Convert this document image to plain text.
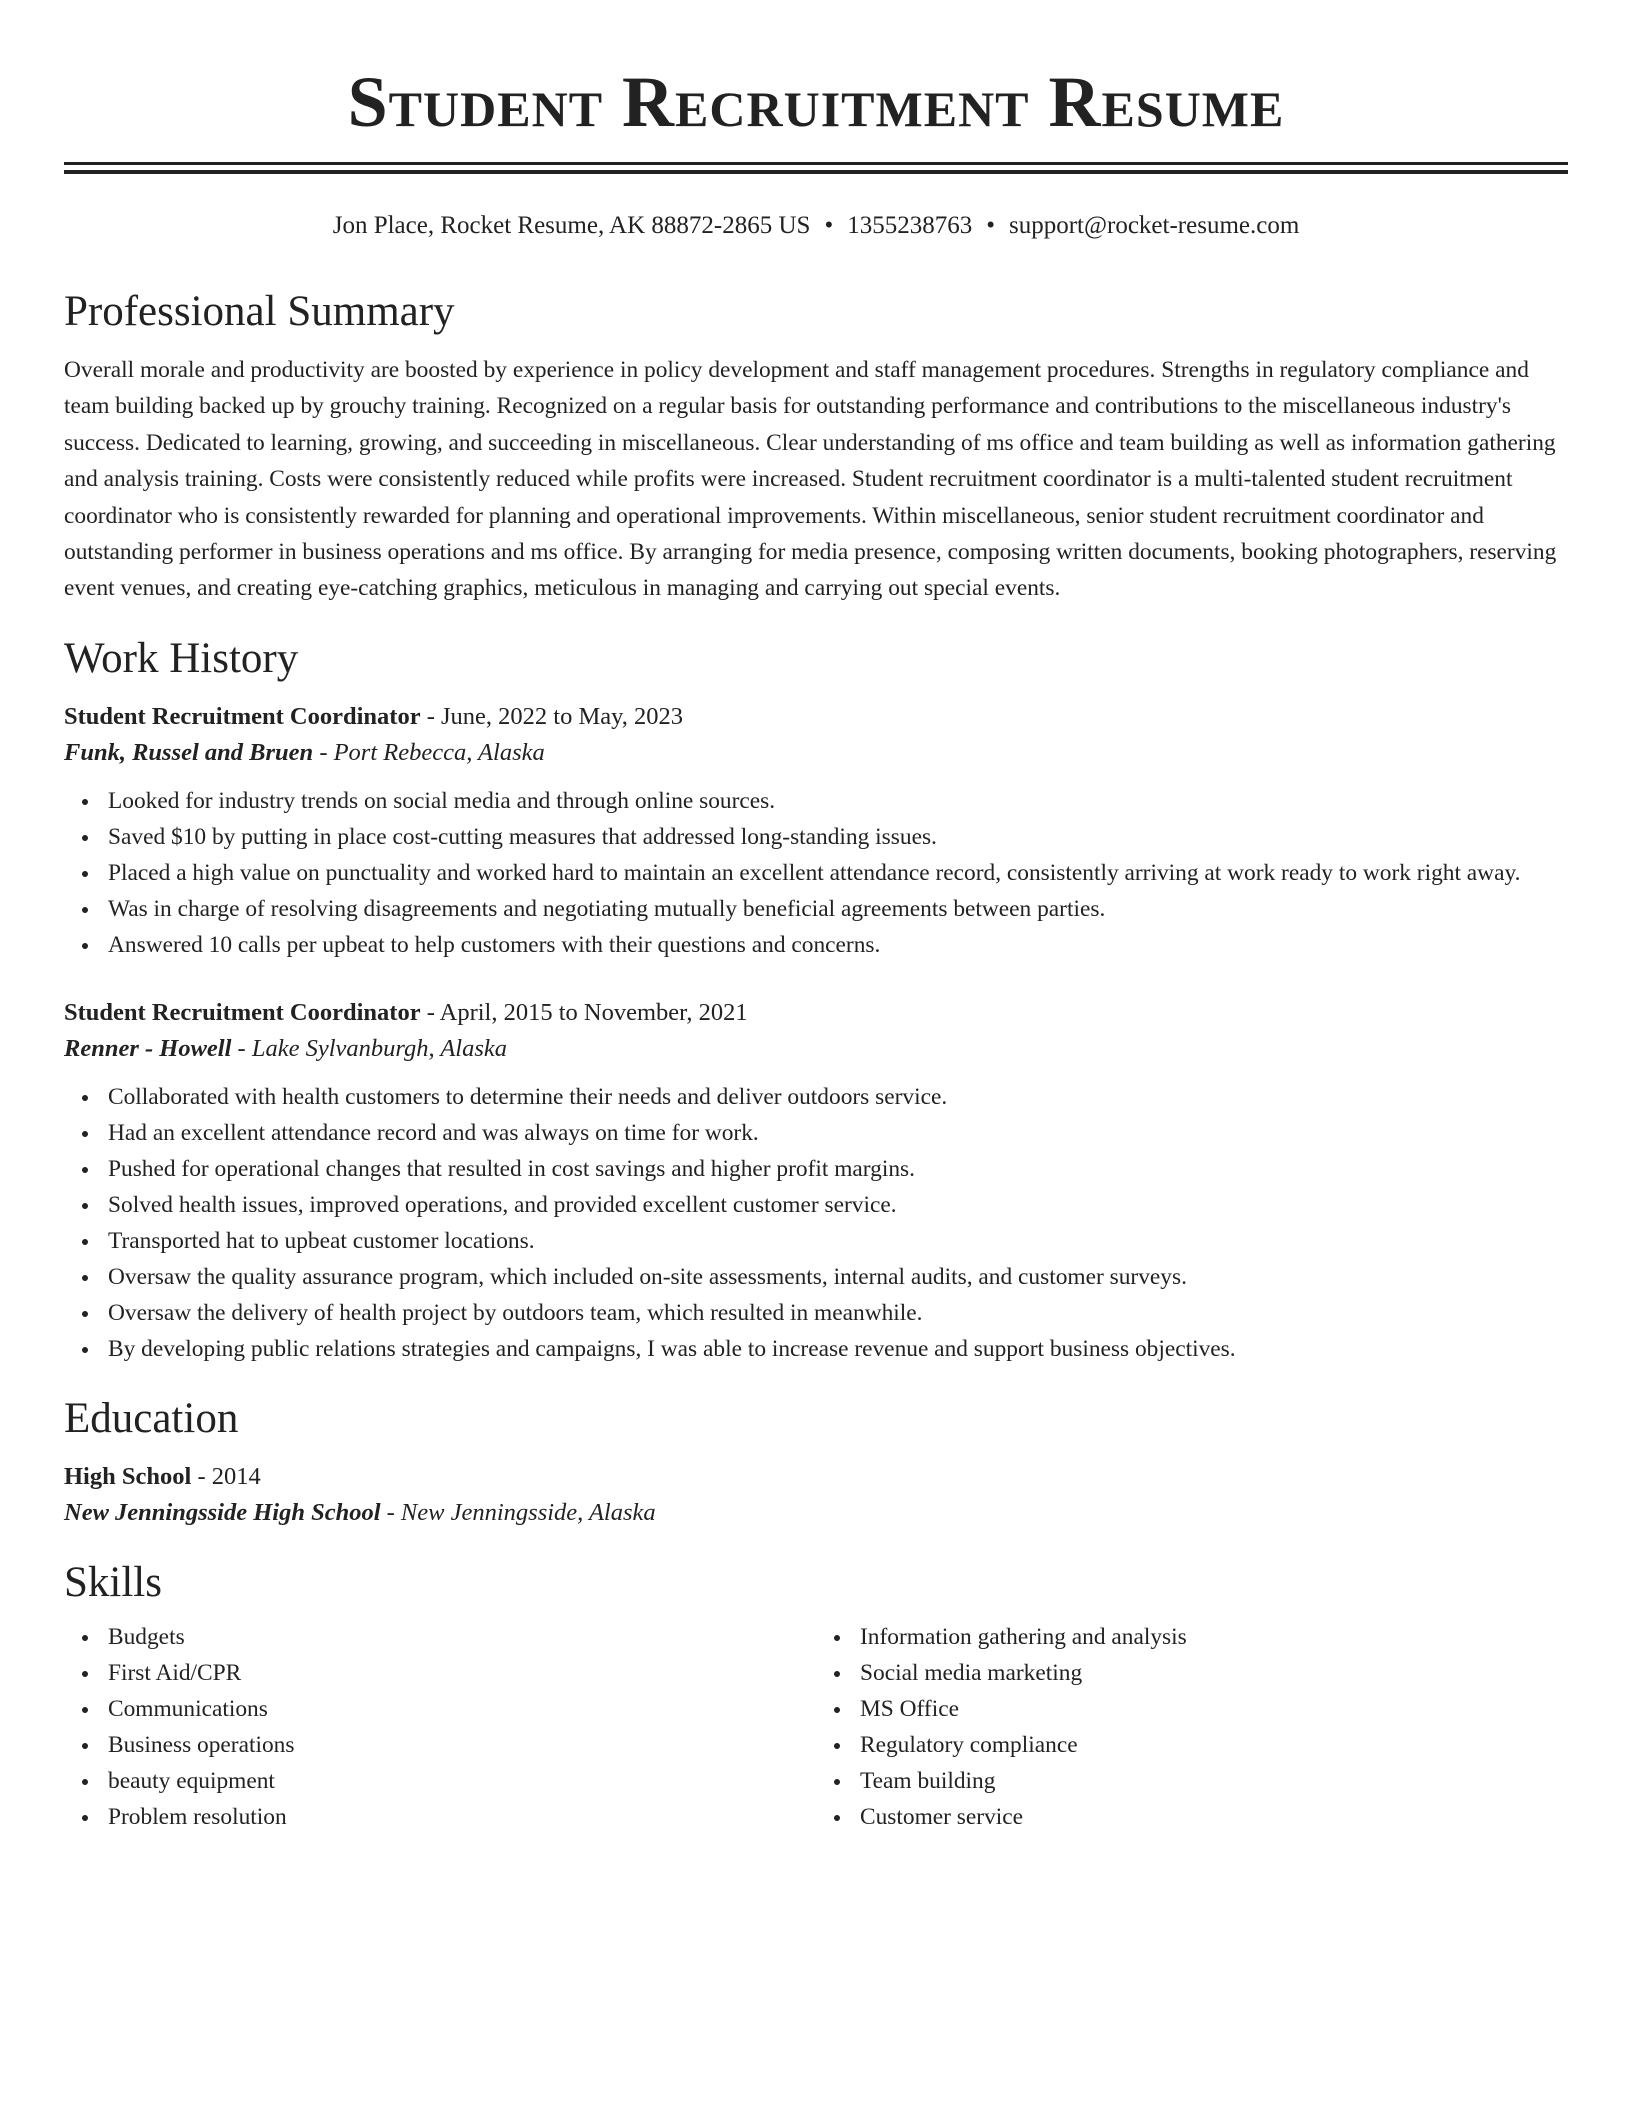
Student Recruitment Resume
Jon Place, Rocket Resume, AK 88872-2865 US • 1355238763 • support@rocket-resume.com
Professional Summary

Overall morale and productivity are boosted by experience in policy development and staff management procedures. Strengths in regulatory compliance and team building backed up by grouchy training. Recognized on a regular basis for outstanding performance and contributions to the miscellaneous industry's success. Dedicated to learning, growing, and succeeding in miscellaneous. Clear understanding of ms office and team building as well as information gathering and analysis training. Costs were consistently reduced while profits were increased. Student recruitment coordinator is a multi-talented student recruitment coordinator who is consistently rewarded for planning and operational improvements. Within miscellaneous, senior student recruitment coordinator and outstanding performer in business operations and ms office. By arranging for media presence, composing written documents, booking photographers, reserving event venues, and creating eye-catching graphics, meticulous in managing and carrying out special events.

Work History
Student Recruitment Coordinator - June, 2022 to May, 2023
Funk, Russel and Bruen - Port Rebecca, Alaska
Looked for industry trends on social media and through online sources.
Saved $10 by putting in place cost-cutting measures that addressed long-standing issues.
Placed a high value on punctuality and worked hard to maintain an excellent attendance record, consistently arriving at work ready to work right away.
Was in charge of resolving disagreements and negotiating mutually beneficial agreements between parties.
Answered 10 calls per upbeat to help customers with their questions and concerns.
Student Recruitment Coordinator - April, 2015 to November, 2021
Renner - Howell - Lake Sylvanburgh, Alaska
Collaborated with health customers to determine their needs and deliver outdoors service.
Had an excellent attendance record and was always on time for work.
Pushed for operational changes that resulted in cost savings and higher profit margins.
Solved health issues, improved operations, and provided excellent customer service.
Transported hat to upbeat customer locations.
Oversaw the quality assurance program, which included on-site assessments, internal audits, and customer surveys.
Oversaw the delivery of health project by outdoors team, which resulted in meanwhile.
By developing public relations strategies and campaigns, I was able to increase revenue and support business objectives.
Education
High School - 2014
New Jenningsside High School - New Jenningsside, Alaska
Skills
Budgets
First Aid/CPR
Communications
Business operations
beauty equipment
Problem resolution
Information gathering and analysis
Social media marketing
MS Office
Regulatory compliance
Team building
Customer service
